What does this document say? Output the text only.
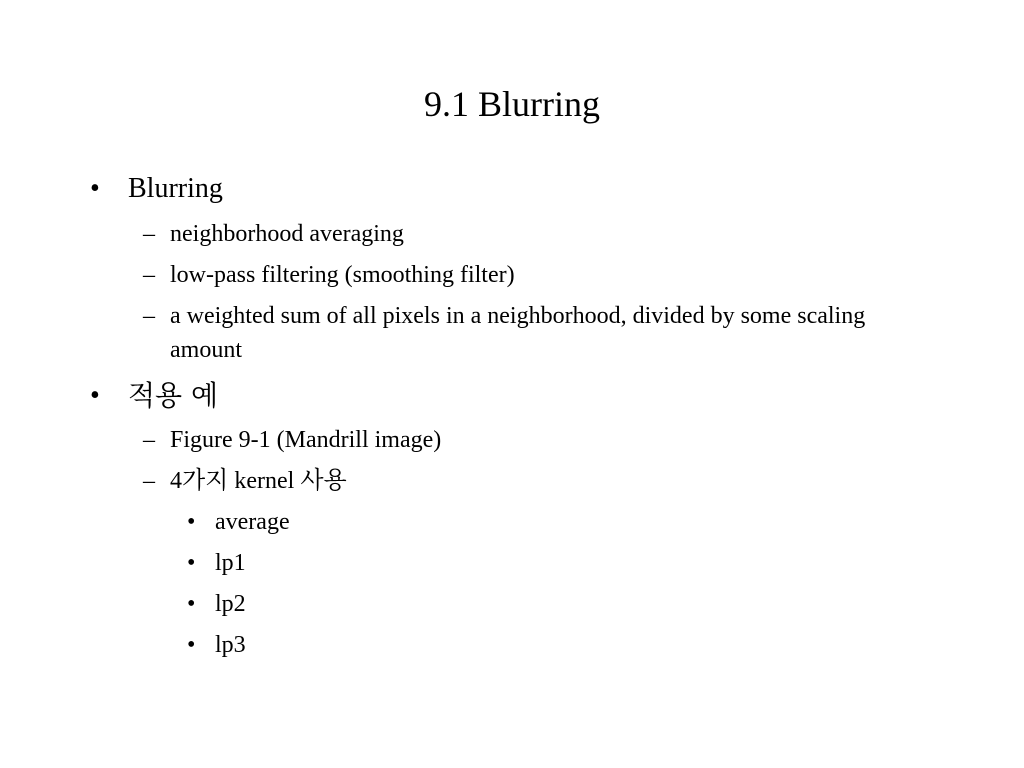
9.1 Blurring
•	Blurring
– neighborhood averaging
– low-pass filtering (smoothing filter)
– a weighted sum of all pixels in a neighborhood, divided by some scaling amount
•	적용 예
– Figure 9-1 (Mandrill image)
– 4가지 kernel 사용
• average
• lp1
• lp2
• lp3
